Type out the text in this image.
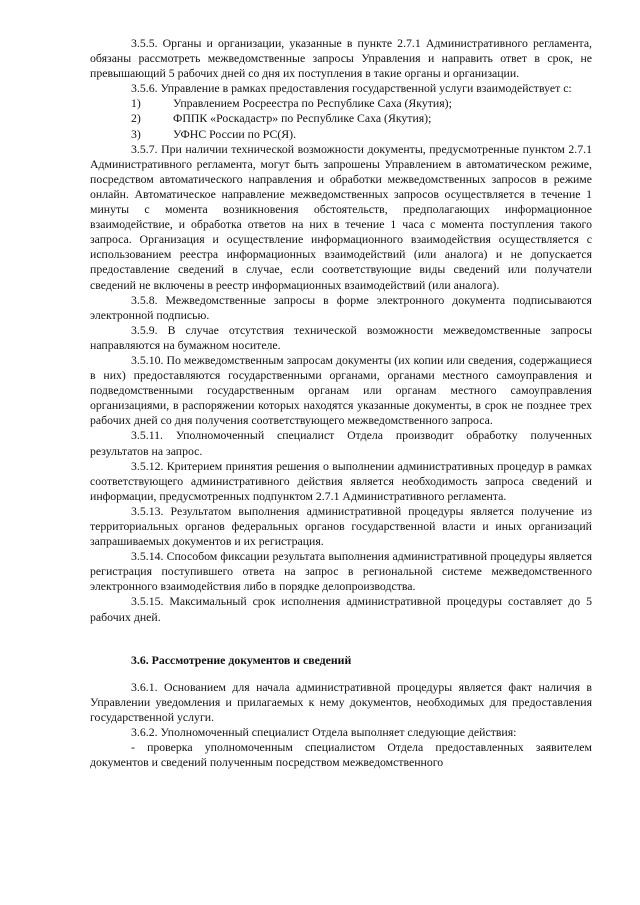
3.5.5. Органы и организации, указанные в пункте 2.7.1 Административного регламента, обязаны рассмотреть межведомственные запросы Управления и направить ответ в срок, не превышающий 5 рабочих дней со дня их поступления в такие органы и организации.

3.5.6. Управление в рамках предоставления государственной услуги взаимодействует с:

1)	Управлением Росреестра по Республике Саха (Якутия);
2)	ФППК «Роскадастр» по Республике Саха (Якутия);
3)	УФНС России по РС(Я).

3.5.7. При наличии технической возможности документы, предусмотренные пунктом 2.7.1 Административного регламента, могут быть запрошены Управлением в автоматическом режиме, посредством автоматического направления и обработки межведомственных запросов в режиме онлайн. Автоматическое направление межведомственных запросов осуществляется в течение 1 минуты с момента возникновения обстоятельств, предполагающих информационное взаимодействие, и обработка ответов на них в течение 1 часа с момента поступления такого запроса. Организация и осуществление информационного взаимодействия осуществляется с использованием реестра информационных взаимодействий (или аналога) и не допускается предоставление сведений в случае, если соответствующие виды сведений или получатели сведений не включены в реестр информационных взаимодействий (или аналога).

3.5.8. Межведомственные запросы в форме электронного документа подписываются электронной подписью.

3.5.9. В случае отсутствия технической возможности межведомственные запросы направляются на бумажном носителе.

3.5.10. По межведомственным запросам документы (их копии или сведения, содержащиеся в них) предоставляются государственными органами, органами местного самоуправления и подведомственными государственным органам или органам местного самоуправления организациями, в распоряжении которых находятся указанные документы, в срок не позднее трех рабочих дней со дня получения соответствующего межведомственного запроса.

3.5.11. Уполномоченный специалист Отдела производит обработку полученных результатов на запрос.

3.5.12. Критерием принятия решения о выполнении административных процедур в рамках соответствующего административного действия является необходимость запроса сведений и информации, предусмотренных подпунктом 2.7.1 Административного регламента.

3.5.13. Результатом выполнения административной процедуры является получение из территориальных органов федеральных органов государственной власти и иных организаций запрашиваемых документов и их регистрация.

3.5.14. Способом фиксации результата выполнения административной процедуры является регистрация поступившего ответа на запрос в региональной системе межведомственного электронного взаимодействия либо в порядке делопроизводства.

3.5.15. Максимальный срок исполнения административной процедуры составляет до 5 рабочих дней.

3.6. Рассмотрение документов и сведений

3.6.1. Основанием для начала административной процедуры является факт наличия в Управлении уведомления и прилагаемых к нему документов, необходимых для предоставления государственной услуги.

3.6.2. Уполномоченный специалист Отдела выполняет следующие действия:

- проверка уполномоченным специалистом Отдела предоставленных заявителем документов и сведений полученным посредством межведомственного
